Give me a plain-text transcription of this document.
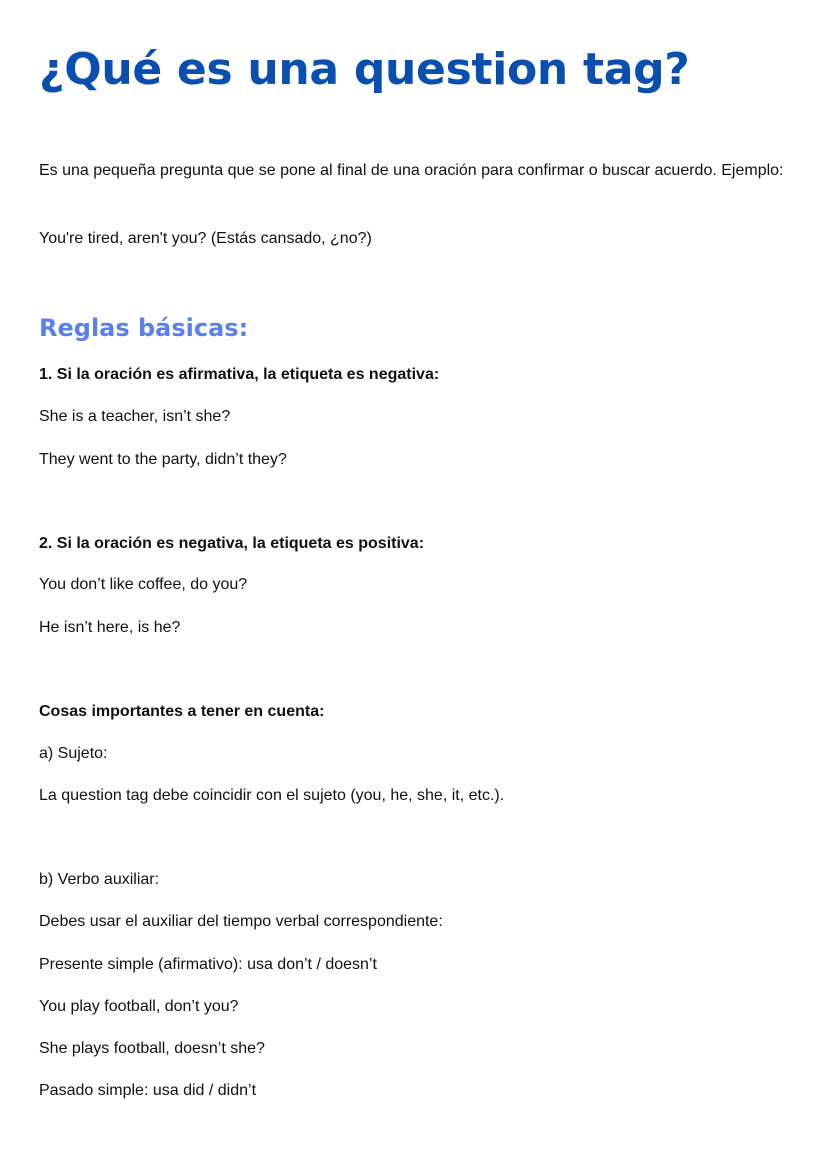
¿Qué es una question tag?

Es una pequeña pregunta que se pone al final de una oración para confirmar o buscar acuerdo. Ejemplo:

You're tired, aren't you? (Estás cansado, ¿no?)

Reglas básicas:

1. Si la oración es afirmativa, la etiqueta es negativa:

She is a teacher, isn’t she?

They went to the party, didn’t they?

2. Si la oración es negativa, la etiqueta es positiva:

You don’t like coffee, do you?

He isn’t here, is he?

Cosas importantes a tener en cuenta:

a) Sujeto:

La question tag debe coincidir con el sujeto (you, he, she, it, etc.).

b) Verbo auxiliar:

Debes usar el auxiliar del tiempo verbal correspondiente:

Presente simple (afirmativo): usa don’t / doesn’t

You play football, don’t you?

She plays football, doesn’t she?

Pasado simple: usa did / didn’t
